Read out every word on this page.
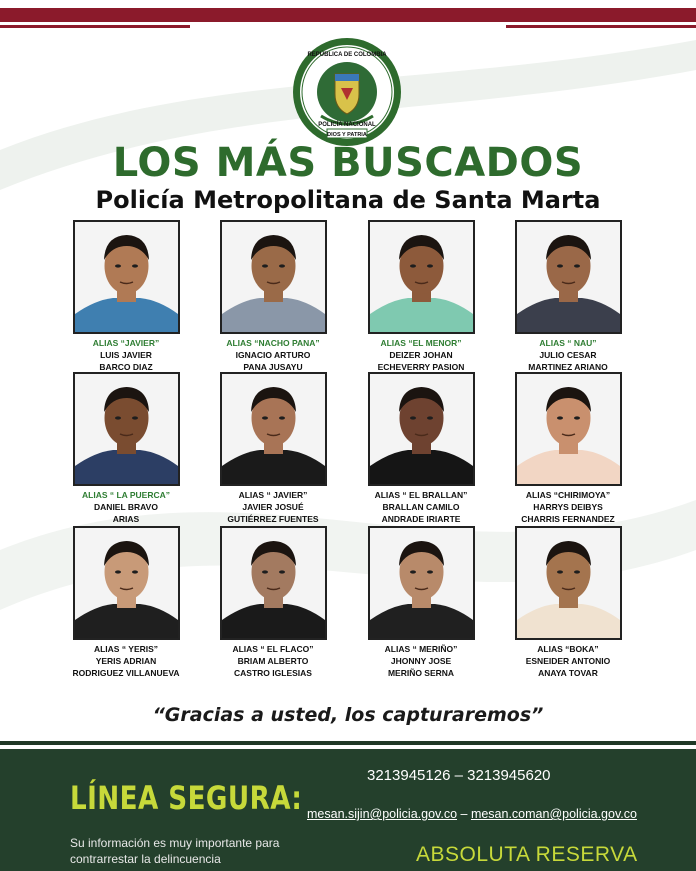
DIOS Y PATRIA
REPÚBLICA DE COLOMBIA
POLICÍA NACIONAL
LOS MÁS BUSCADOS
Policía Metropolitana de Santa Marta
ALIAS “JAVIER”
LUIS JAVIER
BARCO DIAZ
ALIAS “NACHO PANA”
IGNACIO ARTURO
PANA JUSAYU
ALIAS “EL MENOR”
DEIZER JOHAN
ECHEVERRY PASION
ALIAS “ NAU”
JULIO CESAR
MARTINEZ ARIANO
ALIAS “ LA PUERCA”
DANIEL BRAVO
ARIAS
ALIAS “ JAVIER”
JAVIER JOSUÉ
GUTIÉRREZ FUENTES
ALIAS “ EL BRALLAN”
BRALLAN CAMILO
ANDRADE IRIARTE
ALIAS “CHIRIMOYA”
HARRYS DEIBYS
CHARRIS FERNANDEZ
ALIAS “ YERIS”
YERIS ADRIAN
RODRIGUEZ VILLANUEVA
ALIAS “ EL FLACO”
BRIAM ALBERTO
CASTRO IGLESIAS
ALIAS “ MERIÑO”
JHONNY JOSE
MERIÑO SERNA
ALIAS “BOKA”
ESNEIDER ANTONIO
ANAYA TOVAR
“Gracias a usted, los capturaremos”
LÍNEA SEGURA:
Su información es muy importante para contrarrestar la delincuencia
3213945126 – 3213945620
mesan.sijin@policia.gov.co – mesan.coman@policia.gov.co
ABSOLUTA RESERVA
